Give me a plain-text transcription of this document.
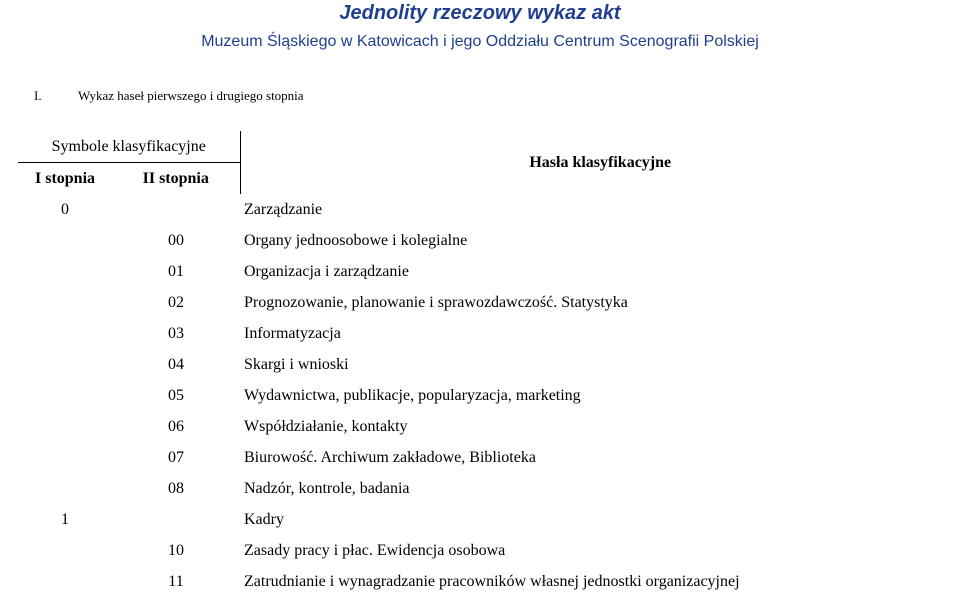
Jednolity rzeczowy wykaz akt
Muzeum Śląskiego w Katowicach i jego Oddziału Centrum Scenografii Polskiej
I.	Wykaz haseł pierwszego i drugiego stopnia
Symbole klasyfikacyjne		Hasła klasyfikacyjne
I stopnia	II stopnia	
0		Zarządzanie
	00	Organy jednoosobowe i kolegialne
	01	Organizacja i zarządzanie
	02	Prognozowanie, planowanie i sprawozdawczość. Statystyka
	03	Informatyzacja
	04	Skargi i wnioski
	05	Wydawnictwa, publikacje, popularyzacja, marketing
	06	Współdziałanie, kontakty
	07	Biurowość. Archiwum zakładowe, Biblioteka
	08	Nadzór, kontrole, badania
1		Kadry
	10	Zasady pracy i płac. Ewidencja osobowa
	11	Zatrudnianie i wynagradzanie pracowników własnej jednostki organizacyjnej
